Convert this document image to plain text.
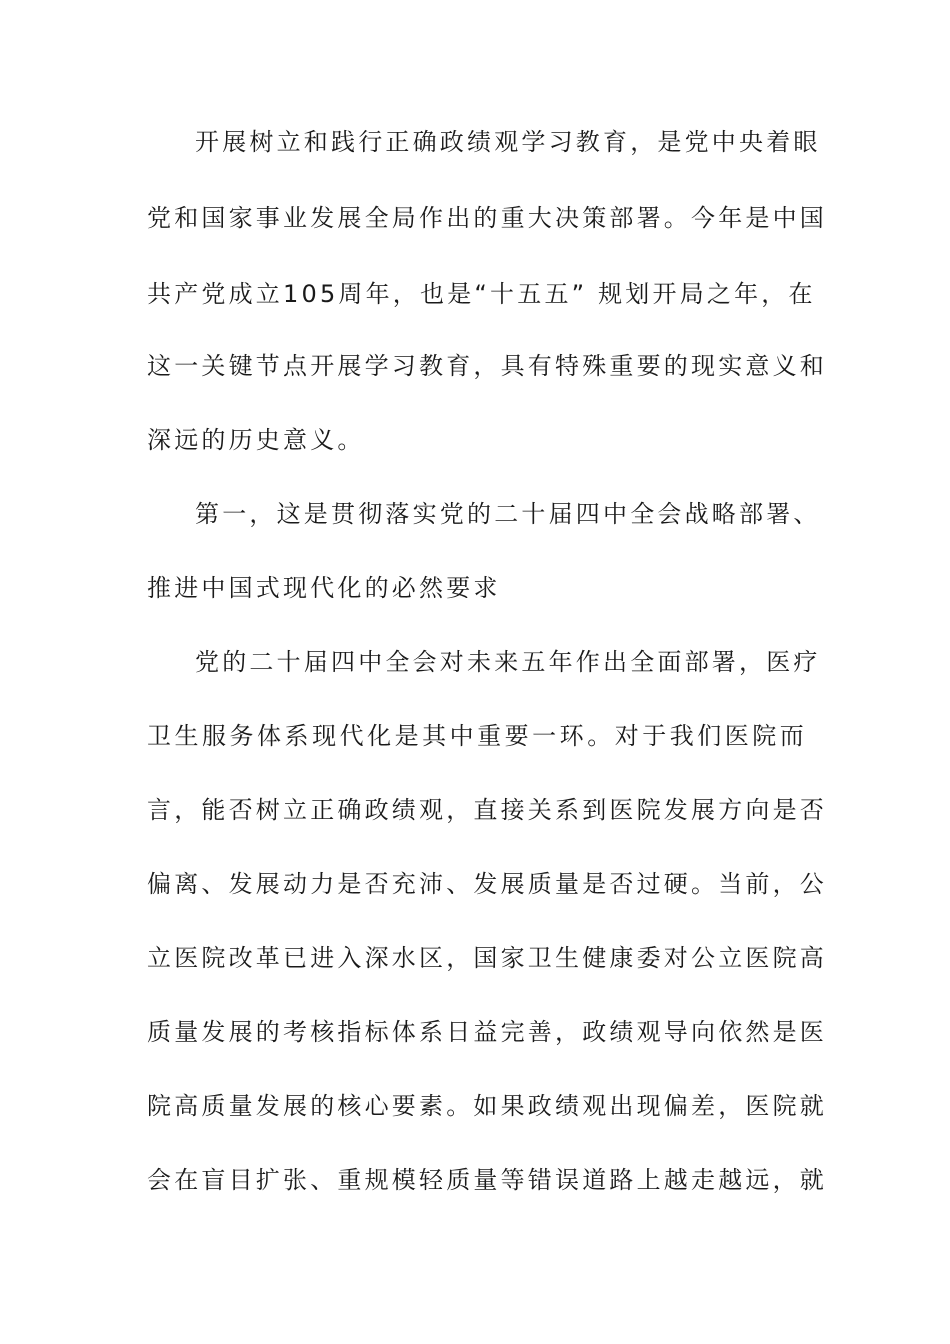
开展树立和践行正确政绩观学习教育，是党中央着眼
党和国家事业发展全局作出的重大决策部署。今年是中国
共产党成立105周年，也是“十五五” 规划开局之年，在
这一关键节点开展学习教育，具有特殊重要的现实意义和
深远的历史意义。
第一，这是贯彻落实党的二十届四中全会战略部署、
推进中国式现代化的必然要求
党的二十届四中全会对未来五年作出全面部署，医疗
卫生服务体系现代化是其中重要一环。对于我们医院而
言，能否树立正确政绩观，直接关系到医院发展方向是否
偏离、发展动力是否充沛、发展质量是否过硬。当前，公
立医院改革已进入深水区，国家卫生健康委对公立医院高
质量发展的考核指标体系日益完善，政绩观导向依然是医
院高质量发展的核心要素。如果政绩观出现偏差，医院就
会在盲目扩张、重规模轻质量等错误道路上越走越远，就
